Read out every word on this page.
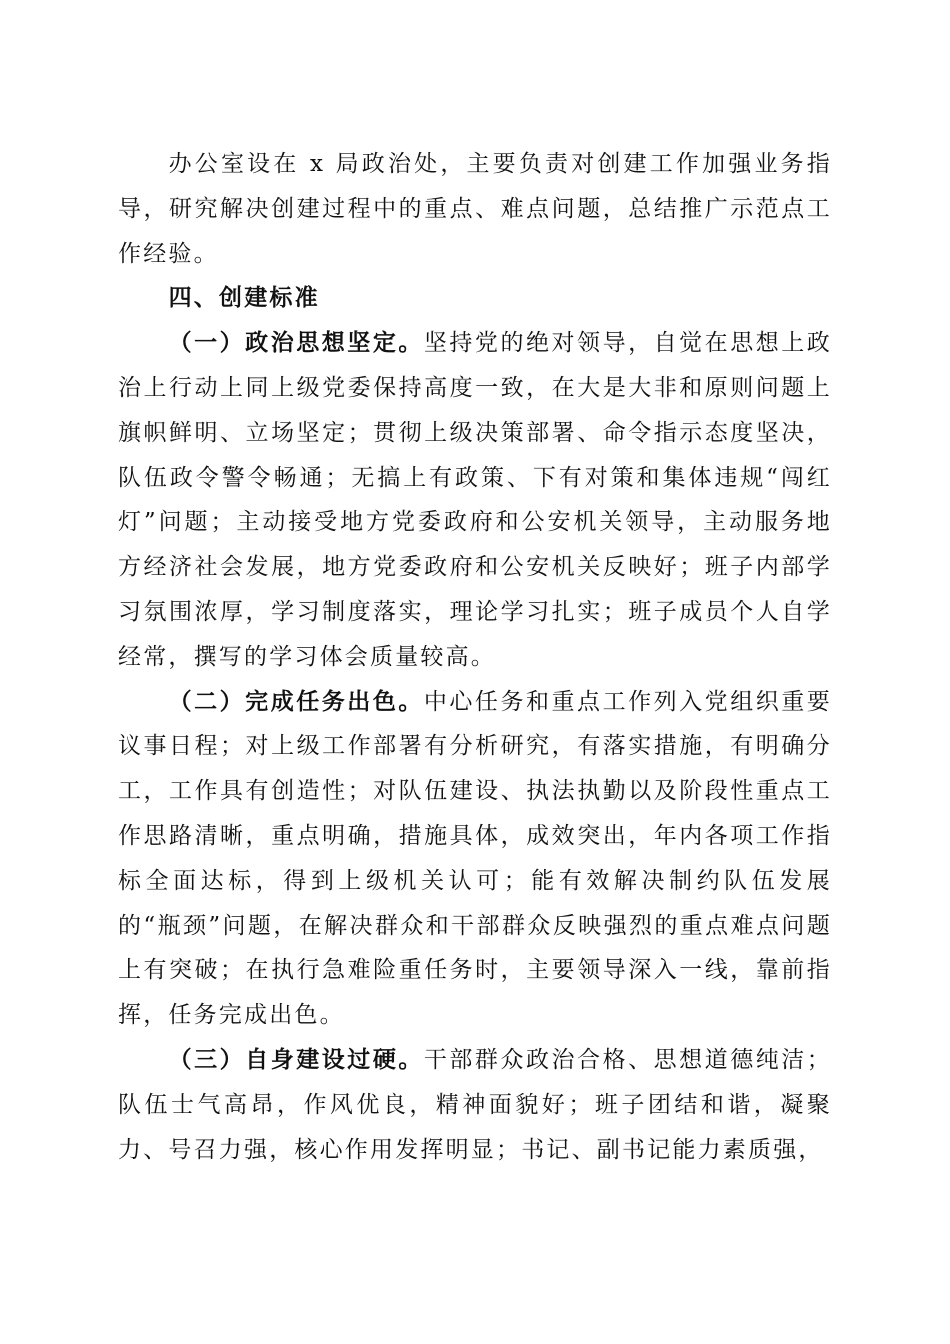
办公室设在 x 局政治处，主要负责对创建工作加强业务指导，研究解决创建过程中的重点、难点问题，总结推广示范点工作经验。

四、创建标准

（一）政治思想坚定。坚持党的绝对领导，自觉在思想上政治上行动上同上级党委保持高度一致，在大是大非和原则问题上旗帜鲜明、立场坚定；贯彻上级决策部署、命令指示态度坚决，队伍政令警令畅通；无搞上有政策、下有对策和集体违规“闯红灯”问题；主动接受地方党委政府和公安机关领导，主动服务地方经济社会发展，地方党委政府和公安机关反映好；班子内部学习氛围浓厚，学习制度落实，理论学习扎实；班子成员个人自学经常，撰写的学习体会质量较高。

（二）完成任务出色。中心任务和重点工作列入党组织重要议事日程；对上级工作部署有分析研究，有落实措施，有明确分工，工作具有创造性；对队伍建设、执法执勤以及阶段性重点工作思路清晰，重点明确，措施具体，成效突出，年内各项工作指标全面达标，得到上级机关认可；能有效解决制约队伍发展的“瓶颈”问题，在解决群众和干部群众反映强烈的重点难点问题上有突破；在执行急难险重任务时，主要领导深入一线，靠前指挥，任务完成出色。

（三）自身建设过硬。干部群众政治合格、思想道德纯洁；队伍士气高昂，作风优良，精神面貌好；班子团结和谐，凝聚力、号召力强，核心作用发挥明显；书记、副书记能力素质强，
